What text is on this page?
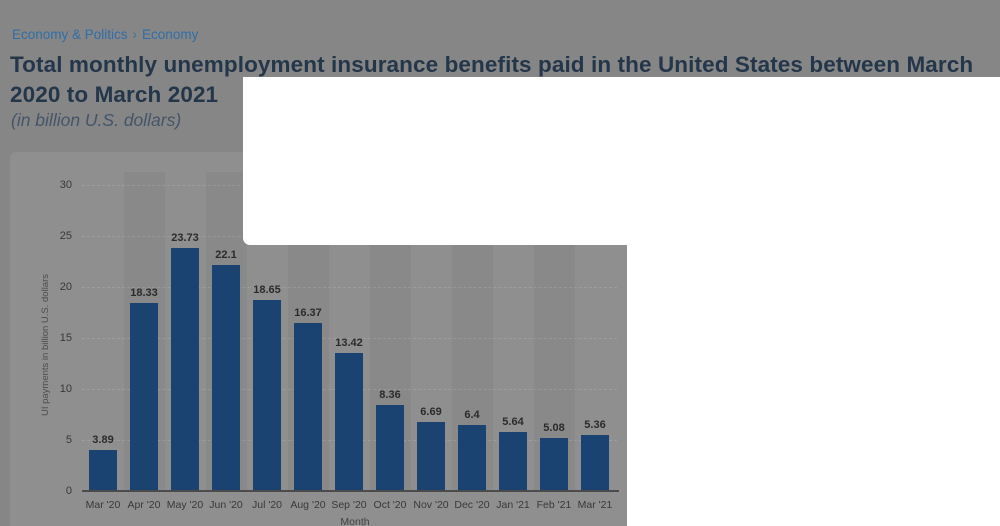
Economy & Politics › Economy
Total monthly unemployment insurance benefits paid in the United States between March
2020 to March 2021
(in billion U.S. dollars)
UI payments in billion U.S. dollars
Month
0
5
10
15
20
25
30
3.89
Mar '20
18.33
Apr '20
23.73
May '20
22.1
Jun '20
18.65
Jul '20
16.37
Aug '20
13.42
Sep '20
8.36
Oct '20
6.69
Nov '20
6.4
Dec '20
5.64
Jan '21
5.08
Feb '21
5.36
Mar '21
